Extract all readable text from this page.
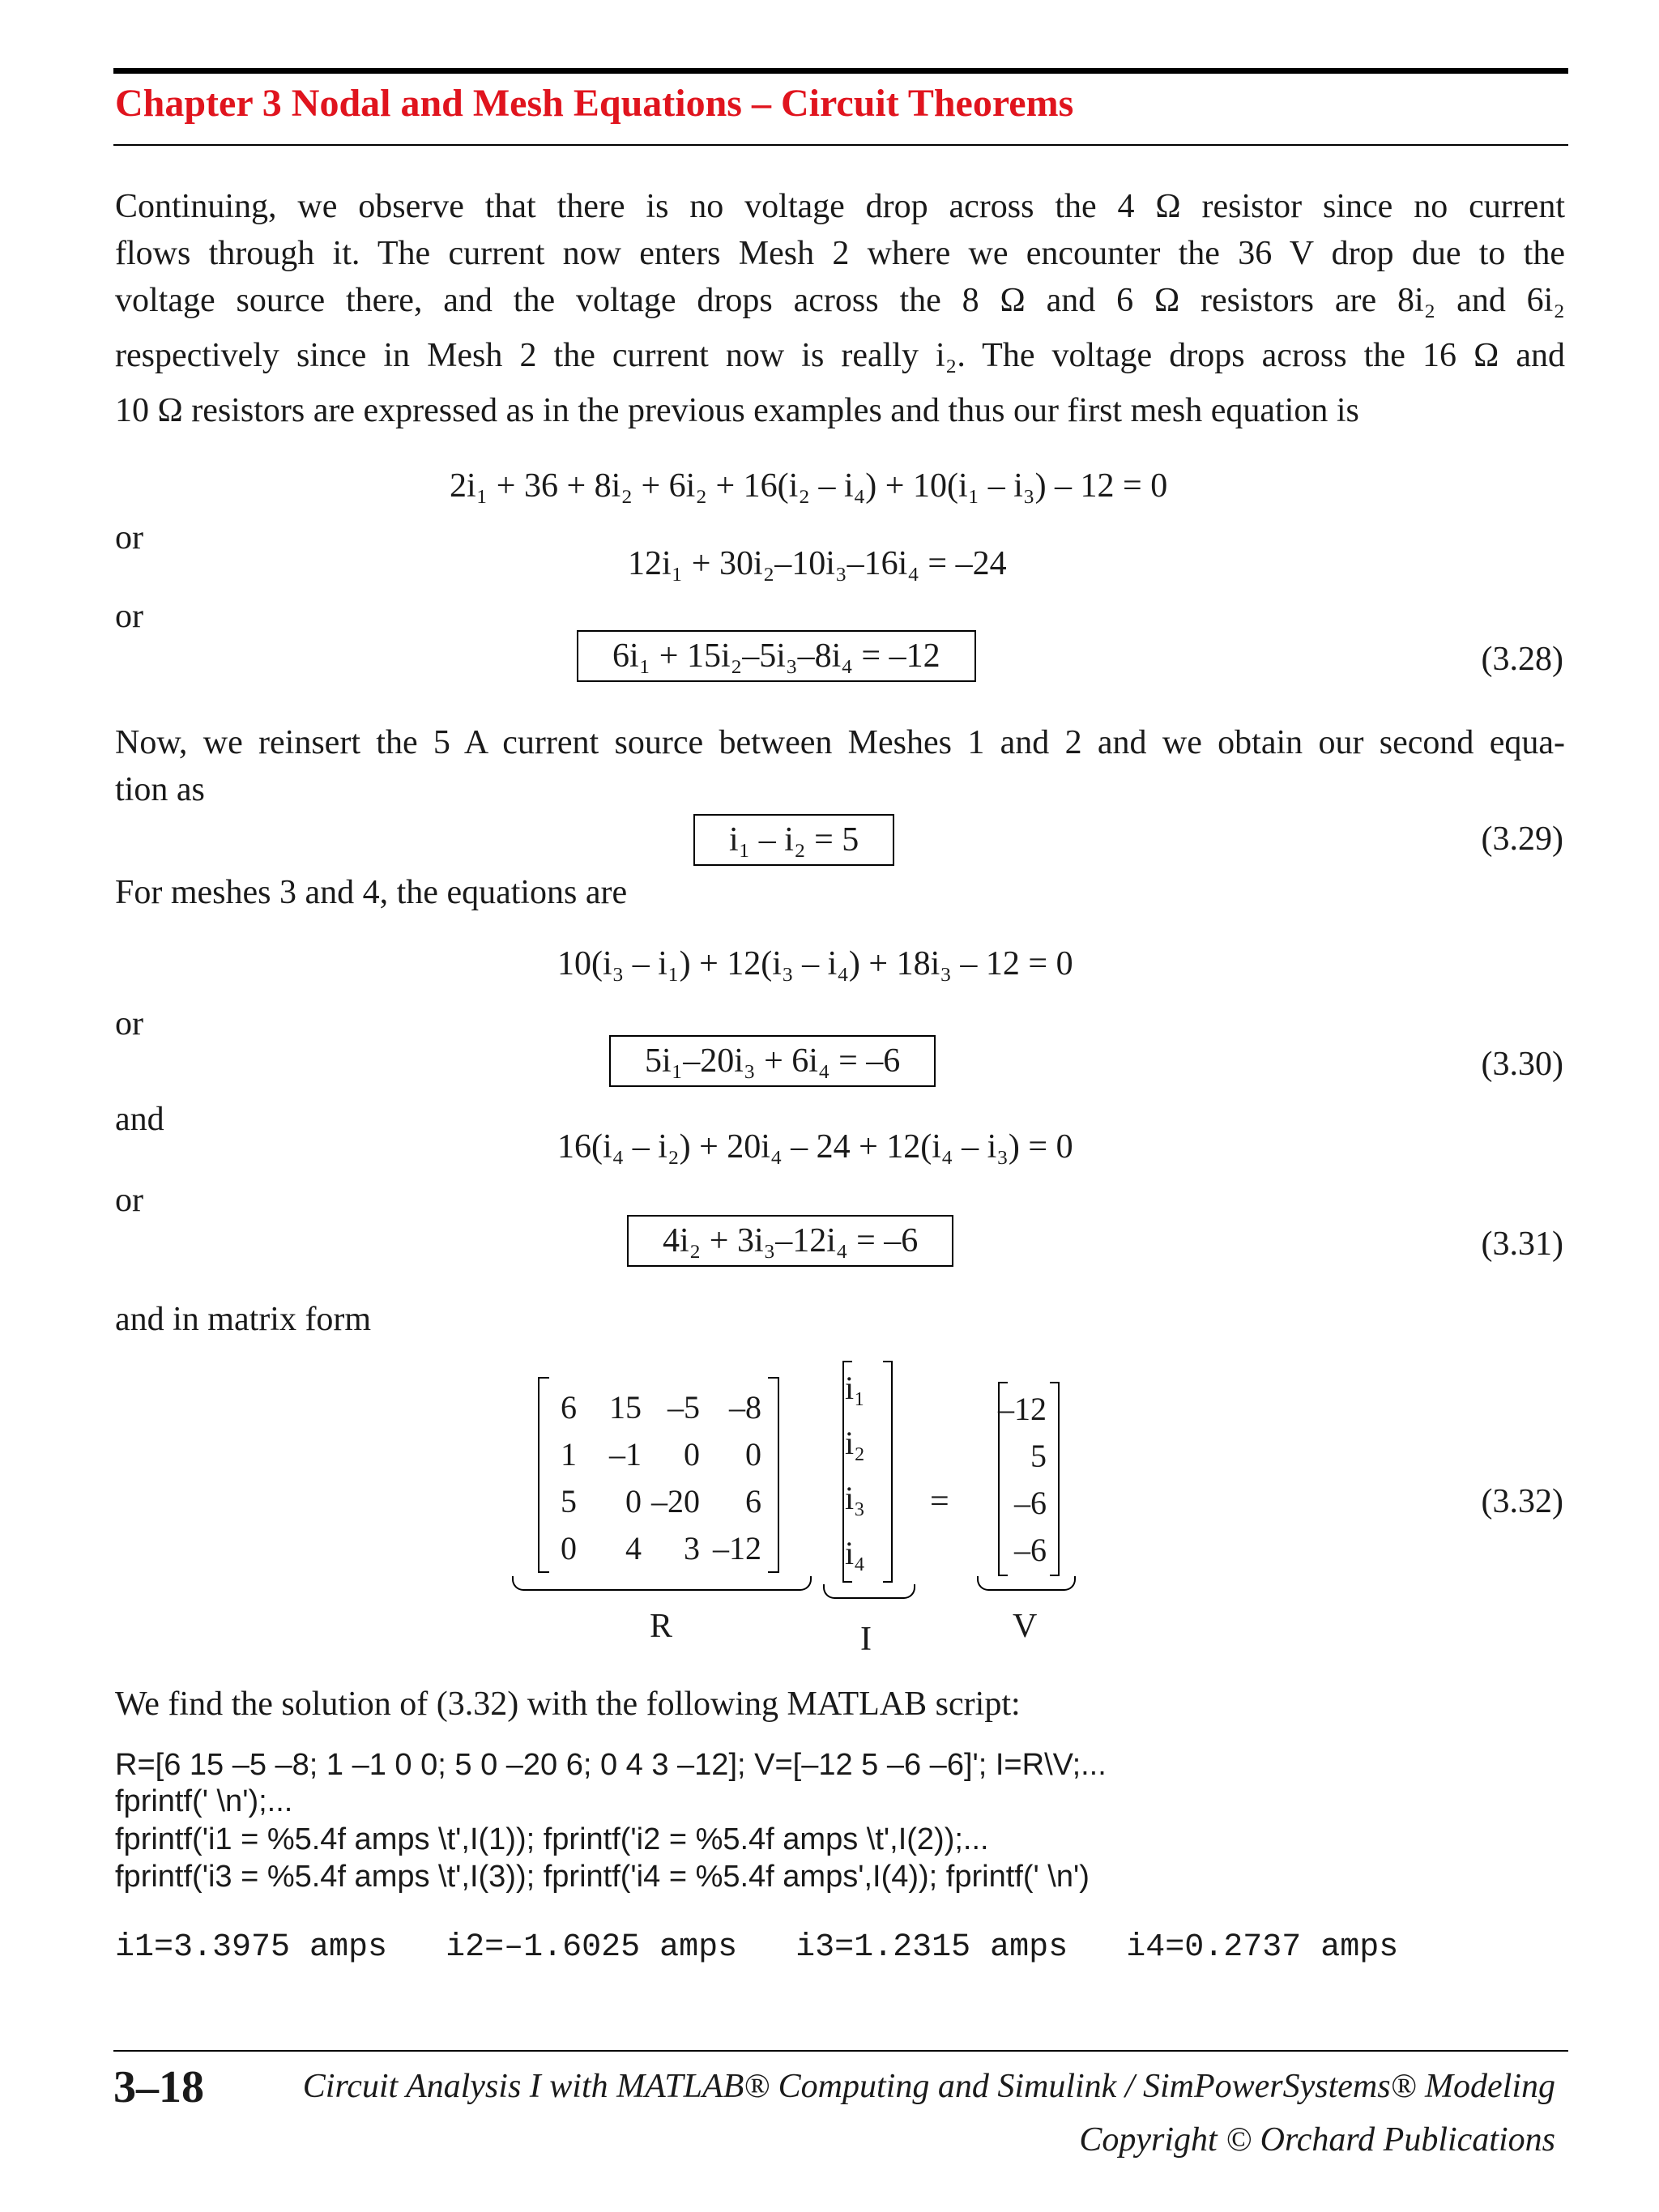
Chapter 3 Nodal and Mesh Equations – Circuit Theorems
Continuing, we observe that there is no voltage drop across the 4 Ω resistor since no current
flows through it. The current now enters Mesh 2 where we encounter the 36 V drop due to the
voltage source there, and the voltage drops across the 8 Ω and 6 Ω resistors are 8i₂ and 6i₂
respectively since in Mesh 2 the current now is really i₂. The voltage drops across the 16 Ω and
10 Ω resistors are expressed as in the previous examples and thus our first mesh equation is
2i₁ + 36 + 8i₂ + 6i₂ + 16(i₂ – i₄) + 10(i₁ – i₃) – 12 = 0
or
12i₁ + 30i₂–10i₃–16i₄ = –24
or
6i₁ + 15i₂–5i₃–8i₄ = –12	(3.28)
Now, we reinsert the 5 A current source between Meshes 1 and 2 and we obtain our second equa-
tion as
i₁ – i₂ = 5	(3.29)
For meshes 3 and 4, the equations are
10(i₃ – i₁) + 12(i₃ – i₄) + 18i₃ – 12 = 0
or
5i₁–20i₃ + 6i₄ = –6	(3.30)
and
16(i₄ – i₂) + 20i₄ – 24 + 12(i₄ – i₃) = 0
or
4i₂ + 3i₃–12i₄ = –6	(3.31)
and in matrix form
6	15 –5 –8
1	–1	0	0
5	0 –20	6
0	4	3 –12
i₁
i₂
i₃
i₄
=
–12
5
–6
–6
R	I	V
(3.32)
We find the solution of (3.32) with the following MATLAB script:
R=[6 15 –5 –8; 1 –1 0 0; 5 0 –20 6; 0 4 3 –12]; V=[–12 5 –6 –6]'; I=R\V;...
fprintf(' \n');...
fprintf('i1 = %5.4f amps \t',I(1)); fprintf('i2 = %5.4f amps \t',I(2));...
fprintf('i3 = %5.4f amps \t',I(3)); fprintf('i4 = %5.4f amps',I(4)); fprintf(' \n')
i1=3.3975 amps   i2=–1.6025 amps   i3=1.2315 amps   i4=0.2737 amps
3–18	Circuit Analysis I with MATLAB® Computing and Simulink / SimPowerSystems® Modeling
Copyright © Orchard Publications
